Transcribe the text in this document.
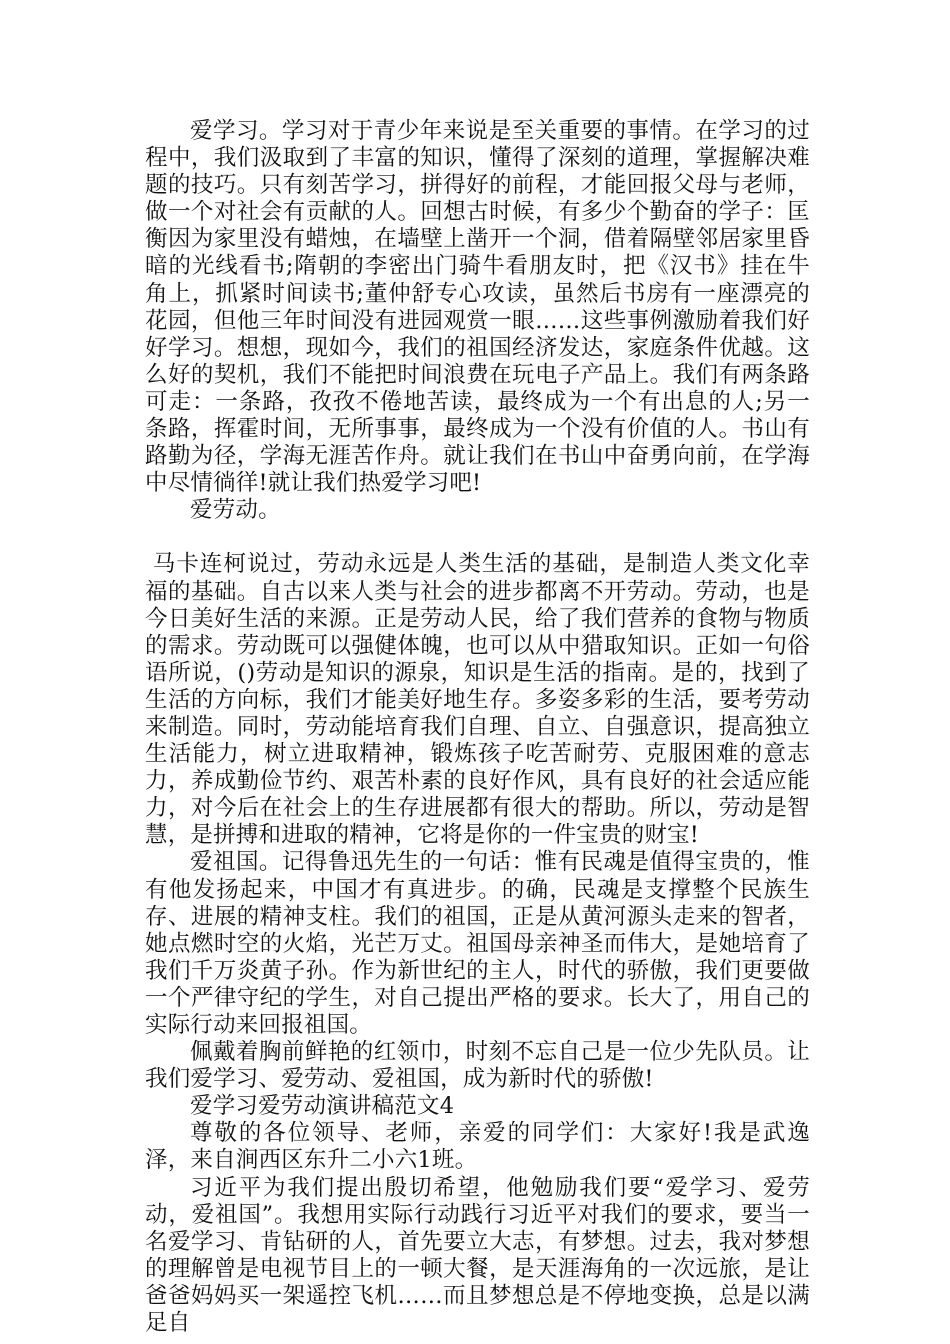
爱学习。学习对于青少年来说是至关重要的事情。在学习的过程中，我们汲取到了丰富的知识，懂得了深刻的道理，掌握解决难题的技巧。只有刻苦学习，拼得好的前程，才能回报父母与老师，做一个对社会有贡献的人。回想古时候，有多少个勤奋的学子：匡衡因为家里没有蜡烛，在墙壁上凿开一个洞，借着隔壁邻居家里昏暗的光线看书;隋朝的李密出门骑牛看朋友时，把《汉书》挂在牛角上，抓紧时间读书;董仲舒专心攻读，虽然后书房有一座漂亮的花园，但他三年时间没有进园观赏一眼……这些事例激励着我们好好学习。想想，现如今，我们的祖国经济发达，家庭条件优越。这么好的契机，我们不能把时间浪费在玩电子产品上。我们有两条路可走：一条路，孜孜不倦地苦读，最终成为一个有出息的人;另一条路，挥霍时间，无所事事，最终成为一个没有价值的人。书山有路勤为径，学海无涯苦作舟。就让我们在书山中奋勇向前，在学海中尽情徜徉!就让我们热爱学习吧!

爱劳动。

马卡连柯说过，劳动永远是人类生活的基础，是制造人类文化幸福的基础。自古以来人类与社会的进步都离不开劳动。劳动，也是今日美好生活的来源。正是劳动人民，给了我们营养的食物与物质的需求。劳动既可以强健体魄，也可以从中猎取知识。正如一句俗语所说，()劳动是知识的源泉，知识是生活的指南。是的，找到了生活的方向标，我们才能美好地生存。多姿多彩的生活，要考劳动来制造。同时，劳动能培育我们自理、自立、自强意识，提高独立生活能力，树立进取精神，锻炼孩子吃苦耐劳、克服困难的意志力，养成勤俭节约、艰苦朴素的良好作风，具有良好的社会适应能力，对今后在社会上的生存进展都有很大的帮助。所以，劳动是智慧，是拼搏和进取的精神，它将是你的一件宝贵的财宝!

爱祖国。记得鲁迅先生的一句话：惟有民魂是值得宝贵的，惟有他发扬起来，中国才有真进步。的确，民魂是支撑整个民族生存、进展的精神支柱。我们的祖国，正是从黄河源头走来的智者，她点燃时空的火焰，光芒万丈。祖国母亲神圣而伟大，是她培育了我们千万炎黄子孙。作为新世纪的主人，时代的骄傲，我们更要做一个严律守纪的学生，对自己提出严格的要求。长大了，用自己的实际行动来回报祖国。

佩戴着胸前鲜艳的红领巾，时刻不忘自己是一位少先队员。让我们爱学习、爱劳动、爱祖国，成为新时代的骄傲!

爱学习爱劳动演讲稿范文4

尊敬的各位领导、老师，亲爱的同学们：大家好!我是武逸泽，来自涧西区东升二小六1班。

习近平为我们提出殷切希望，他勉励我们要“爱学习、爱劳动，爱祖国”。我想用实际行动践行习近平对我们的要求，要当一名爱学习、肯钻研的人，首先要立大志，有梦想。过去，我对梦想的理解曾是电视节目上的一顿大餐，是天涯海角的一次远旅，是让爸爸妈妈买一架遥控飞机……而且梦想总是不停地变换，总是以满足自
